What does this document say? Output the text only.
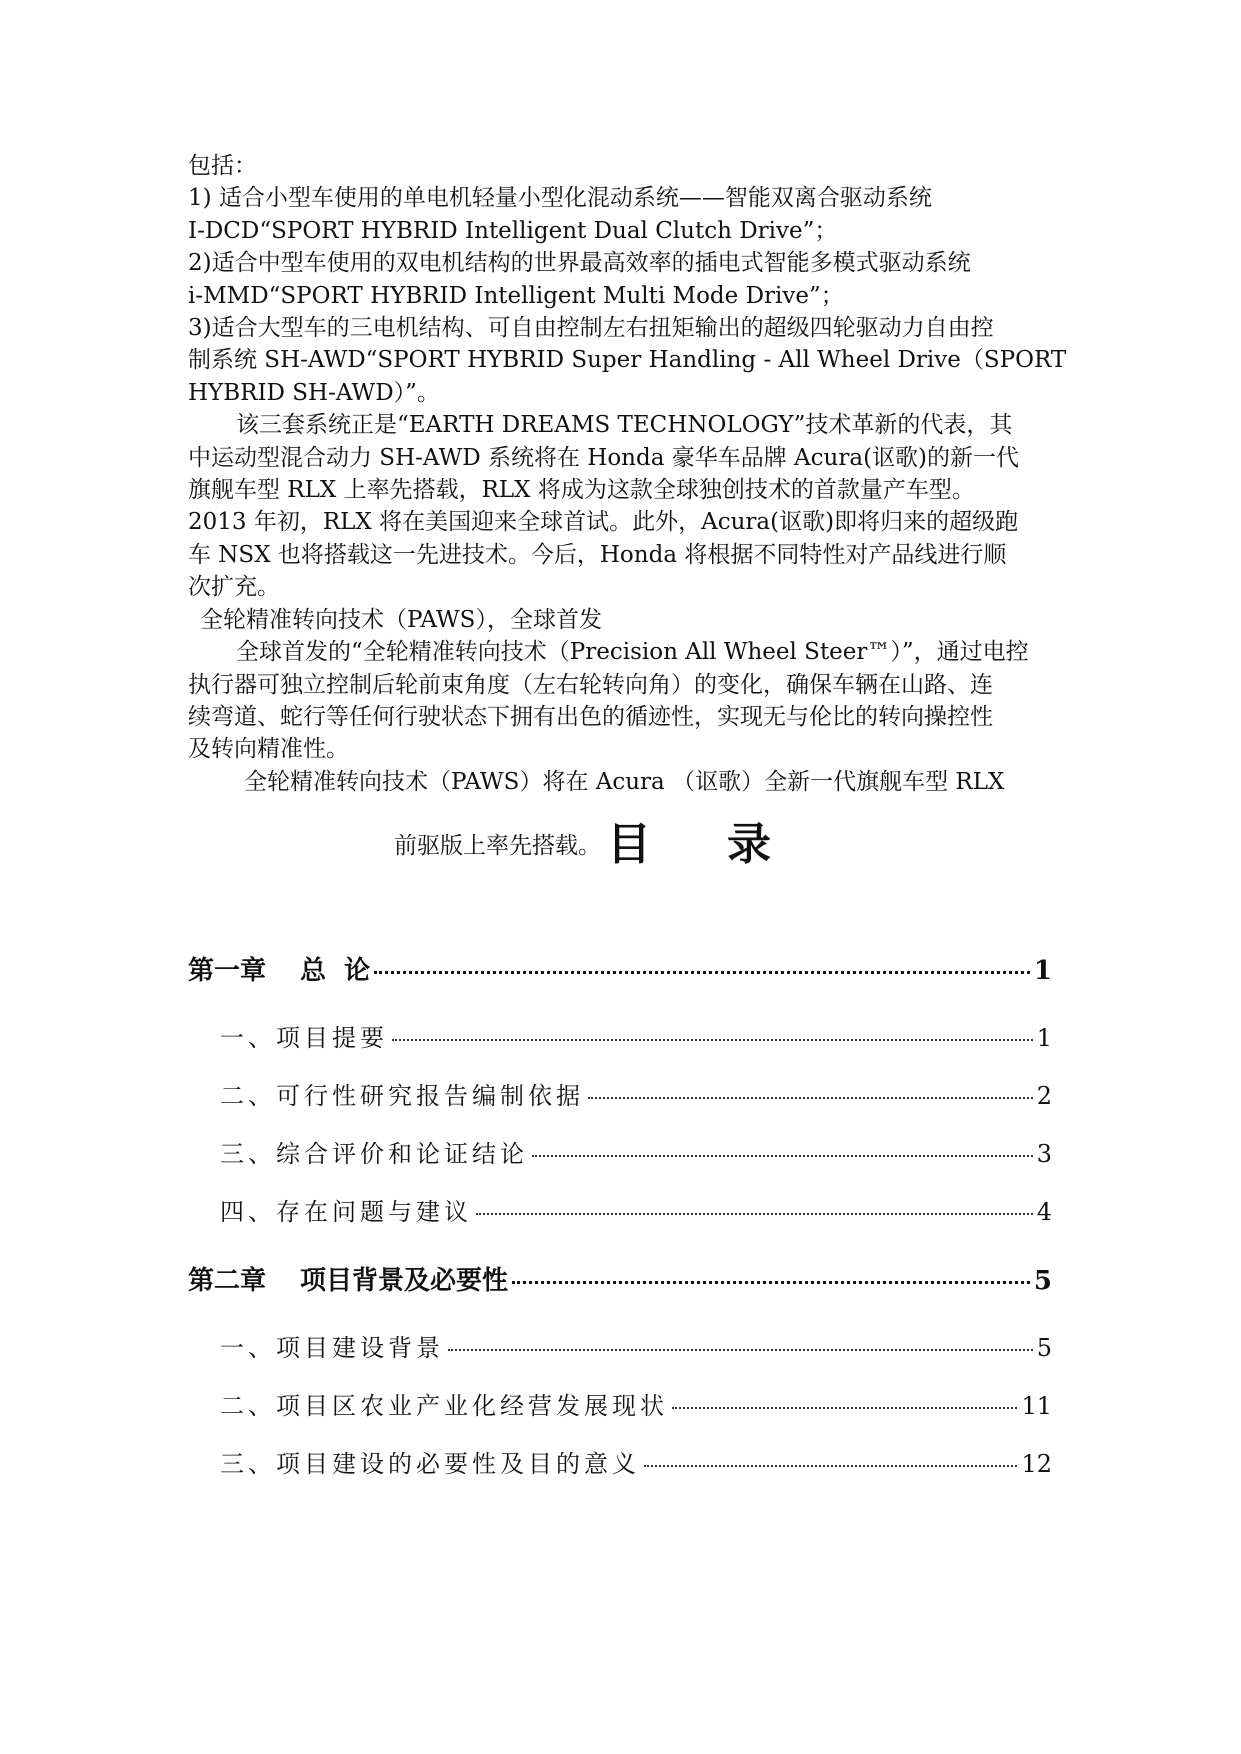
包括：
1) 适合小型车使用的单电机轻量小型化混动系统——智能双离合驱动系统
I-DCD“SPORT HYBRID Intelligent Dual Clutch Drive”；
2)适合中型车使用的双电机结构的世界最高效率的插电式智能多模式驱动系统
i-MMD“SPORT HYBRID Intelligent Multi Mode Drive”；
3)适合大型车的三电机结构、可自由控制左右扭矩输出的超级四轮驱动力自由控
制系统 SH-AWD“SPORT HYBRID Super Handling - All Wheel Drive（SPORT
HYBRID SH-AWD）”。
该三套系统正是“EARTH DREAMS TECHNOLOGY”技术革新的代表，其
中运动型混合动力 SH-AWD 系统将在 Honda 豪华车品牌 Acura(讴歌)的新一代
旗舰车型 RLX 上率先搭载，RLX 将成为这款全球独创技术的首款量产车型。
2013 年初，RLX 将在美国迎来全球首试。此外，Acura(讴歌)即将归来的超级跑
车 NSX 也将搭载这一先进技术。今后，Honda 将根据不同特性对产品线进行顺
次扩充。
全轮精准转向技术（PAWS），全球首发
全球首发的“全轮精准转向技术（Precision All Wheel Steer™）”，通过电控
执行器可独立控制后轮前束角度（左右轮转向角）的变化，确保车辆在山路、连
续弯道、蛇行等任何行驶状态下拥有出色的循迹性，实现无与伦比的转向操控性
及转向精准性。
全轮精准转向技术（PAWS）将在 Acura （讴歌）全新一代旗舰车型 RLX
前驱版上率先搭载。 目录
第一章 总  论	1
一、项目提要	1
二、可行性研究报告编制依据	2
三、综合评价和论证结论	3
四、存在问题与建议	4
第二章 项目背景及必要性	5
一、项目建设背景	5
二、项目区农业产业化经营发展现状	11
三、项目建设的必要性及目的意义	12
